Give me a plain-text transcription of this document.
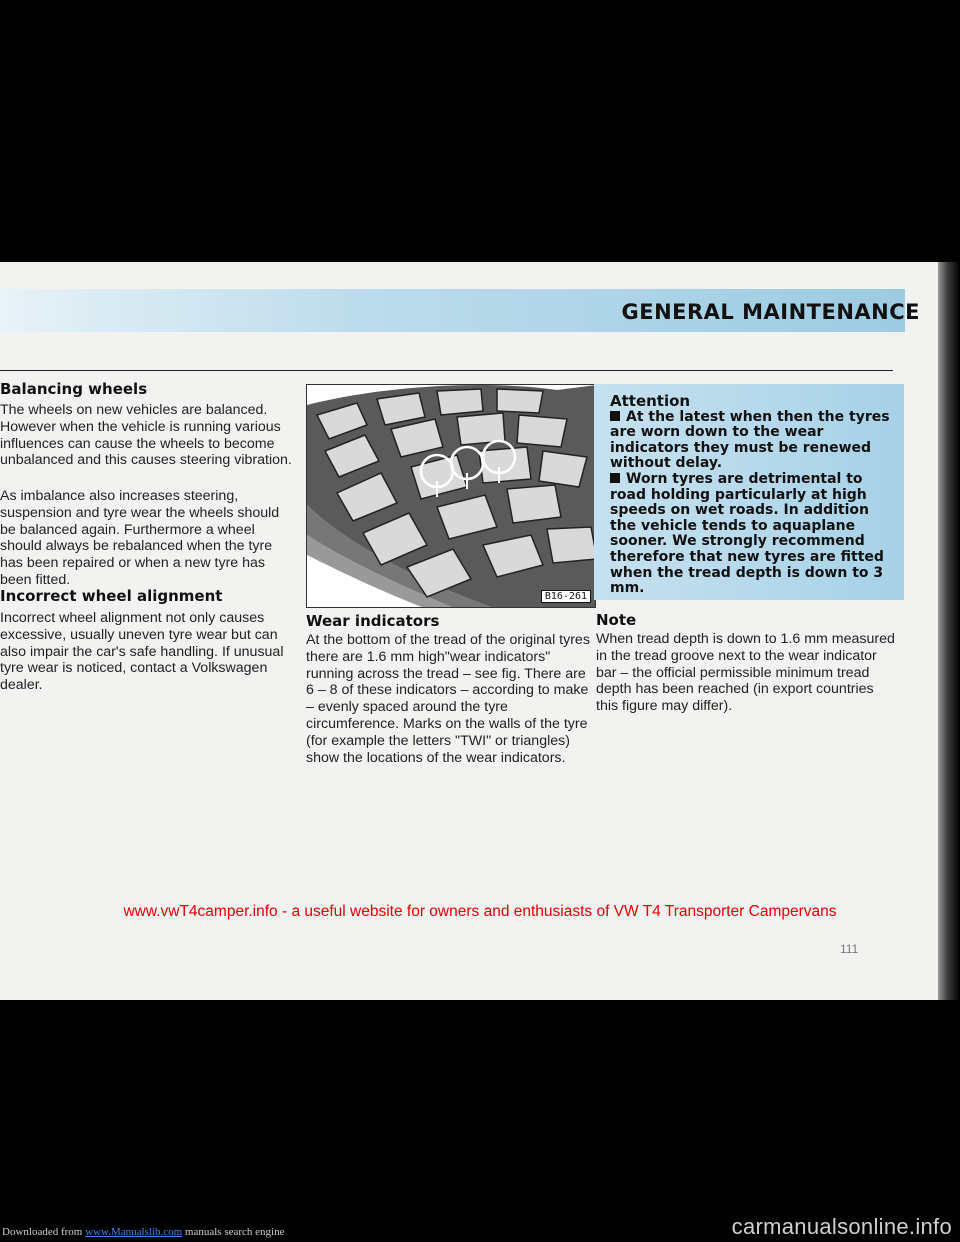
GENERAL MAINTENANCE
Balancing wheels

The wheels on new vehicles are balanced. However when the vehicle is running various influences can cause the wheels to become unbalanced and this causes steering vibration.

As imbalance also increases steering, suspension and tyre wear the wheels should be balanced again. Furthermore a wheel should always be rebalanced when the tyre has been repaired or when a new tyre has been fitted.

Incorrect wheel alignment

Incorrect wheel alignment not only causes excessive, usually uneven tyre wear but can also impair the car's safe handling. If unusual tyre wear is noticed, contact a Volkswagen dealer.

B16-261
Wear indicators

At the bottom of the tread of the original tyres there are 1.6 mm high"wear indicators" running across the tread – see fig. There are 6 – 8 of these indicators – according to make – evenly spaced around the tyre circumference. Marks on the walls of the tyre (for example the letters "TWI" or triangles) show the locations of the wear indicators.

Attention
At the latest when then the tyres are worn down to the wear indicators they must be renewed without delay.
Worn tyres are detrimental to road holding particularly at high speeds on wet roads. In addition the vehicle tends to aquaplane sooner. We strongly recommend therefore that new tyres are fitted when the tread depth is down to 3 mm.
Note

When tread depth is down to 1.6 mm measured in the tread groove next to the wear indicator bar – the official permissible minimum tread depth has been reached (in export countries this figure may differ).

111
www.vwT4camper.info - a useful website for owners and enthusiasts of VW T4 Transporter Campervans
Downloaded from www.Manualslib.com manuals search engine	carmanualsonline.info
